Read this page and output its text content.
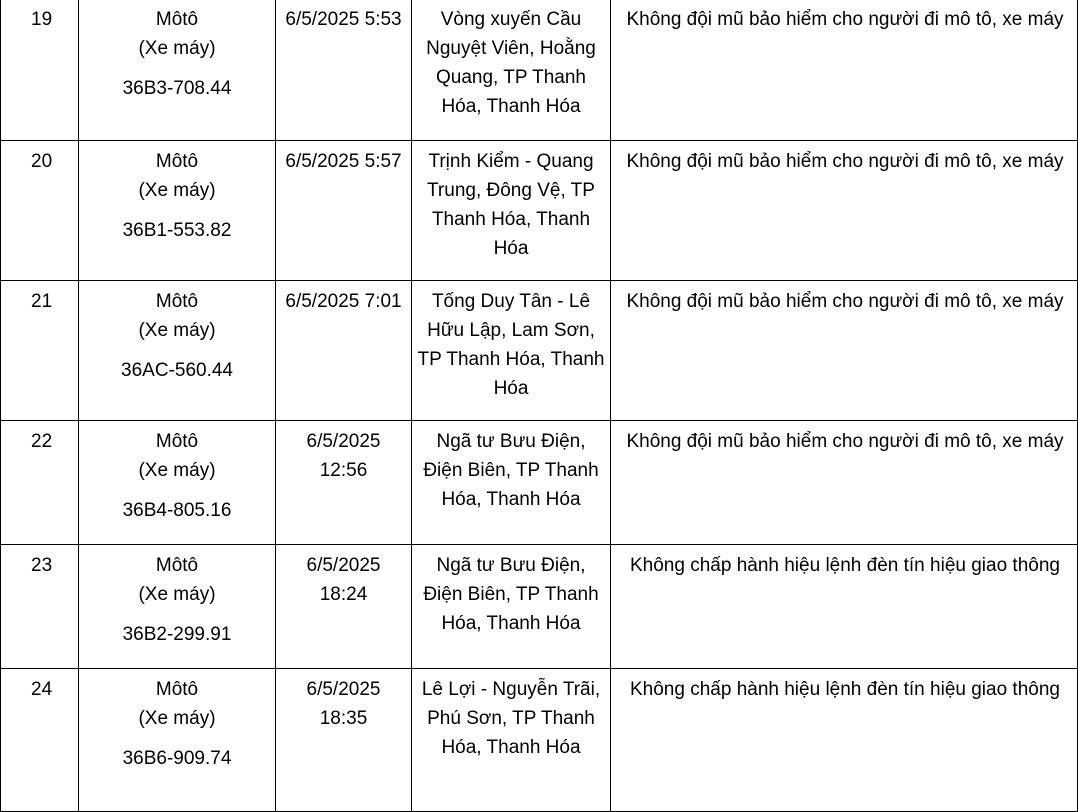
19	Môtô
(Xe máy)
36B3-708.44	6/5/2025 5:53	Vòng xuyến Cầu Nguyệt Viên, Hoằng Quang, TP Thanh Hóa, Thanh Hóa	Không đội mũ bảo hiểm cho người đi mô tô, xe máy
20	Môtô
(Xe máy)
36B1-553.82	6/5/2025 5:57	Trịnh Kiểm - Quang Trung, Đông Vệ, TP Thanh Hóa, Thanh Hóa	Không đội mũ bảo hiểm cho người đi mô tô, xe máy
21	Môtô
(Xe máy)
36AC-560.44	6/5/2025 7:01	Tống Duy Tân - Lê Hữu Lập, Lam Sơn, TP Thanh Hóa, Thanh Hóa	Không đội mũ bảo hiểm cho người đi mô tô, xe máy
22	Môtô
(Xe máy)
36B4-805.16	6/5/2025 12:56	Ngã tư Bưu Điện, Điện Biên, TP Thanh Hóa, Thanh Hóa	Không đội mũ bảo hiểm cho người đi mô tô, xe máy
23	Môtô
(Xe máy)
36B2-299.91	6/5/2025 18:24	Ngã tư Bưu Điện, Điện Biên, TP Thanh Hóa, Thanh Hóa	Không chấp hành hiệu lệnh đèn tín hiệu giao thông
24	Môtô
(Xe máy)
36B6-909.74	6/5/2025 18:35	Lê Lợi - Nguyễn Trãi, Phú Sơn, TP Thanh Hóa, Thanh Hóa	Không chấp hành hiệu lệnh đèn tín hiệu giao thông
